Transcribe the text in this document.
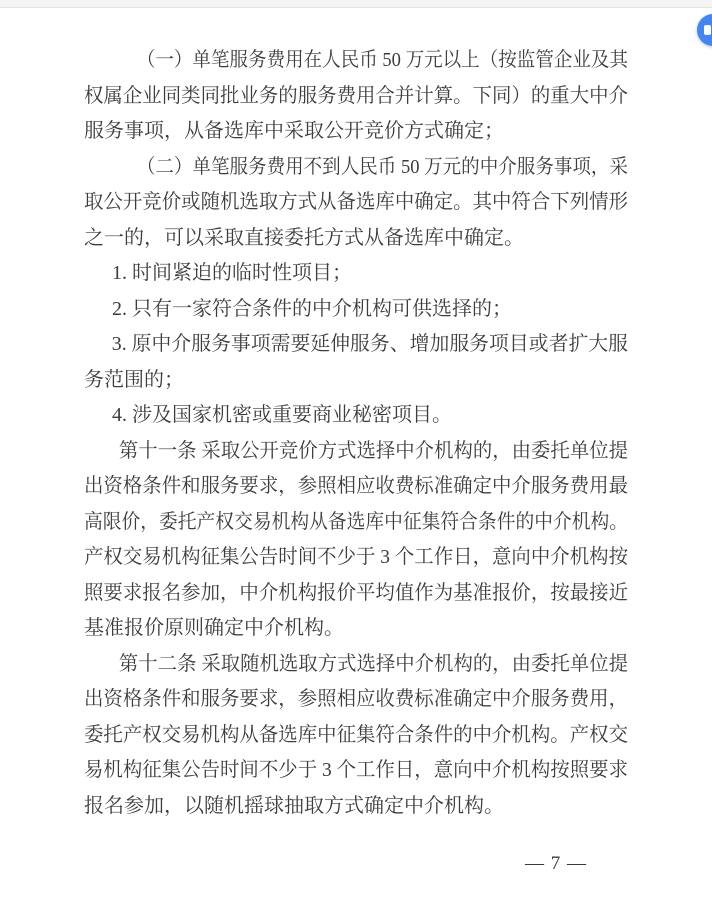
（一）单笔服务费用在人民币 50 万元以上（按监管企业及其
权属企业同类同批业务的服务费用合并计算。下同）的重大中介
服务事项，从备选库中采取公开竞价方式确定；
（二）单笔服务费用不到人民币 50 万元的中介服务事项，采
取公开竞价或随机选取方式从备选库中确定。其中符合下列情形
之一的，可以采取直接委托方式从备选库中确定。
1. 时间紧迫的临时性项目；
2. 只有一家符合条件的中介机构可供选择的；
3. 原中介服务事项需要延伸服务、增加服务项目或者扩大服
务范围的；
4. 涉及国家机密或重要商业秘密项目。
第十一条 采取公开竞价方式选择中介机构的，由委托单位提
出资格条件和服务要求，参照相应收费标准确定中介服务费用最
高限价，委托产权交易机构从备选库中征集符合条件的中介机构。
产权交易机构征集公告时间不少于 3 个工作日，意向中介机构按
照要求报名参加，中介机构报价平均值作为基准报价，按最接近
基准报价原则确定中介机构。
第十二条 采取随机选取方式选择中介机构的，由委托单位提
出资格条件和服务要求，参照相应收费标准确定中介服务费用，
委托产权交易机构从备选库中征集符合条件的中介机构。产权交
易机构征集公告时间不少于 3 个工作日，意向中介机构按照要求
报名参加，以随机摇球抽取方式确定中介机构。
— 7 —
